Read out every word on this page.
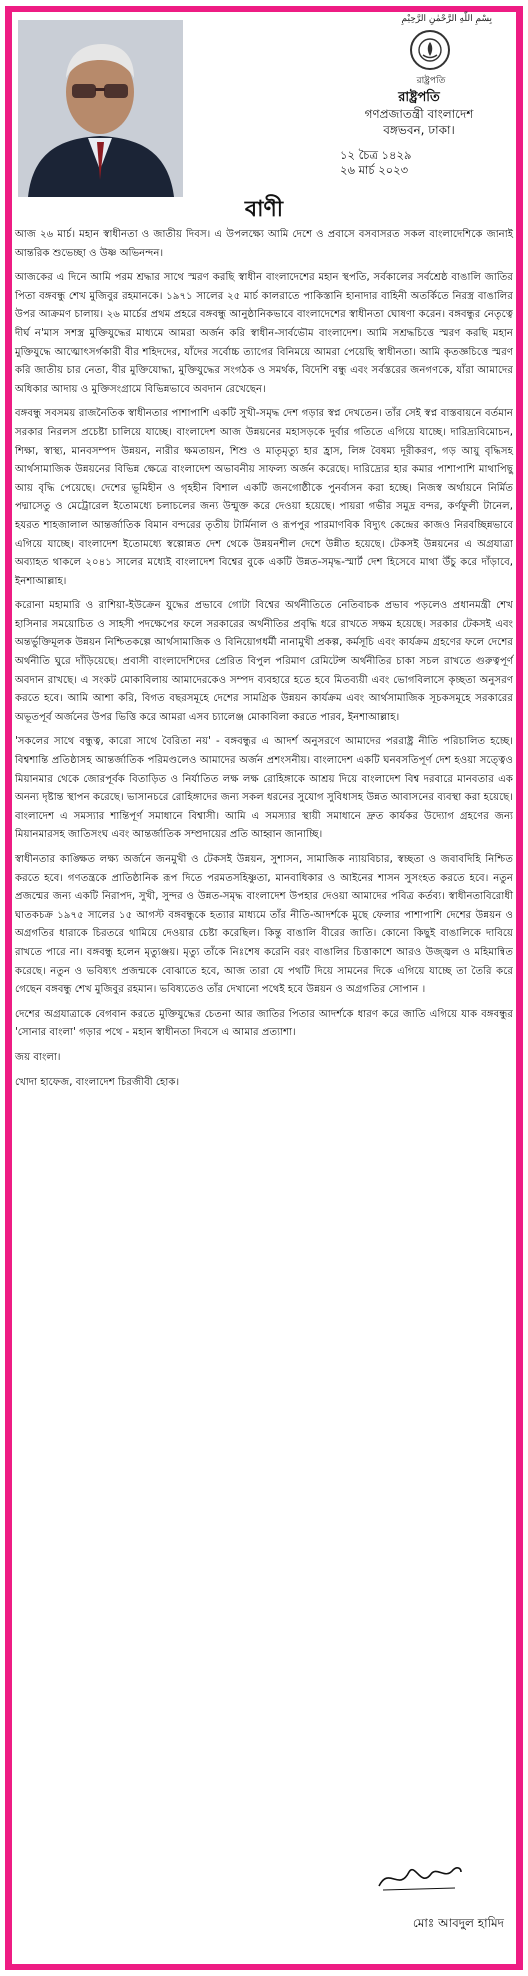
بِسْمِ اللّٰهِ الرَّحْمٰنِ الرَّحِيْمِ
রাষ্ট্রপতি
রাষ্ট্রপতি
গণপ্রজাতন্ত্রী বাংলাদেশ
বঙ্গভবন, ঢাকা।
১২ চৈত্র ১৪২৯
২৬ মার্চ ২০২৩
বাণী

আজ ২৬ মার্চ। মহান স্বাধীনতা ও জাতীয় দিবস। এ উপলক্ষ্যে আমি দেশে ও প্রবাসে বসবাসরত সকল বাংলাদেশিকে জানাই আন্তরিক শুভেচ্ছা ও উষ্ণ অভিনন্দন।

আজকের এ দিনে আমি পরম শ্রদ্ধার সাথে স্মরণ করছি স্বাধীন বাংলাদেশের মহান স্থপতি, সর্বকালের সর্বশ্রেষ্ঠ বাঙালি জাতির পিতা বঙ্গবন্ধু শেখ মুজিবুর রহমানকে। ১৯৭১ সালের ২৫ মার্চ কালরাতে পাকিস্তানি হানাদার বাহিনী অতর্কিতে নিরস্ত্র বাঙালির উপর আক্রমণ চালায়। ২৬ মার্চের প্রথম প্রহরে বঙ্গবন্ধু আনুষ্ঠানিকভাবে বাংলাদেশের স্বাধীনতা ঘোষণা করেন। বঙ্গবন্ধুর নেতৃত্বে দীর্ঘ ন'মাস সশস্ত্র মুক্তিযুদ্ধের মাধ্যমে আমরা অর্জন করি স্বাধীন-সার্বভৌম বাংলাদেশ। আমি সশ্রদ্ধচিত্তে স্মরণ করছি মহান মুক্তিযুদ্ধে আত্মোৎসর্গকারী বীর শহিদদের, যাঁদের সর্বোচ্চ ত্যাগের বিনিময়ে আমরা পেয়েছি স্বাধীনতা। আমি কৃতজ্ঞচিত্তে স্মরণ করি জাতীয় চার নেতা, বীর মুক্তিযোদ্ধা, মুক্তিযুদ্ধের সংগঠক ও সমর্থক, বিদেশি বন্ধু এবং সর্বস্তরের জনগণকে, যাঁরা আমাদের অধিকার আদায় ও মুক্তিসংগ্রামে বিভিন্নভাবে অবদান রেখেছেন।

বঙ্গবন্ধু সবসময় রাজনৈতিক স্বাধীনতার পাশাপাশি একটি সুখী-সমৃদ্ধ দেশ গড়ার স্বপ্ন দেখতেন। তাঁর সেই স্বপ্ন বাস্তবায়নে বর্তমান সরকার নিরলস প্রচেষ্টা চালিয়ে যাচ্ছে। বাংলাদেশ আজ উন্নয়নের মহাসড়কে দুর্বার গতিতে এগিয়ে যাচ্ছে। দারিদ্র্যবিমোচন, শিক্ষা, স্বাস্থ্য, মানবসম্পদ উন্নয়ন, নারীর ক্ষমতায়ন, শিশু ও মাতৃমৃত্যু হার হ্রাস, লিঙ্গ বৈষম্য দূরীকরণ, গড় আয়ু বৃদ্ধিসহ আর্থসামাজিক উন্নয়নের বিভিন্ন ক্ষেত্রে বাংলাদেশ অভাবনীয় সাফল্য অর্জন করেছে। দারিদ্র্যের হার কমার পাশাপাশি মাথাপিছু আয় বৃদ্ধি পেয়েছে। দেশের ভূমিহীন ও গৃহহীন বিশাল একটি জনগোষ্ঠীকে পুনর্বাসন করা হচ্ছে। নিজস্ব অর্থায়নে নির্মিত পদ্মাসেতু ও মেট্রোরেল ইতোমধ্যে চলাচলের জন্য উন্মুক্ত করে দেওয়া হয়েছে। পায়রা গভীর সমুদ্র বন্দর, কর্ণফুলী টানেল, হযরত শাহজালাল আন্তর্জাতিক বিমান বন্দরের তৃতীয় টার্মিনাল ও রূপপুর পারমাণবিক বিদ্যুৎ কেন্দ্রের কাজও নিরবচ্ছিন্নভাবে এগিয়ে যাচ্ছে। বাংলাদেশ ইতোমধ্যে স্বল্পোন্নত দেশ থেকে উন্নয়নশীল দেশে উন্নীত হয়েছে। টেকসই উন্নয়নের এ অগ্রযাত্রা অব্যাহত থাকলে ২০৪১ সালের মধ্যেই বাংলাদেশ বিশ্বের বুকে একটি উন্নত-সমৃদ্ধ-স্মার্ট দেশ হিসেবে মাথা উঁচু করে দাঁড়াবে, ইনশাআল্লাহ।

করোনা মহামারি ও রাশিয়া-ইউক্রেন যুদ্ধের প্রভাবে গোটা বিশ্বের অর্থনীতিতে নেতিবাচক প্রভাব পড়লেও প্রধানমন্ত্রী শেখ হাসিনার সময়োচিত ও সাহসী পদক্ষেপের ফলে সরকারের অর্থনীতির প্রবৃদ্ধি ধরে রাখতে সক্ষম হয়েছে। সরকার টেকসই এবং অন্তর্ভুক্তিমূলক উন্নয়ন নিশ্চিতকল্পে আর্থসামাজিক ও বিনিয়োগধর্মী নানামুখী প্রকল্প, কর্মসূচি এবং কার্যক্রম গ্রহণের ফলে দেশের অর্থনীতি ঘুরে দাঁড়িয়েছে। প্রবাসী বাংলাদেশিদের প্রেরিত বিপুল পরিমাণ রেমিটেন্স অর্থনীতির চাকা সচল রাখতে গুরুত্বপূর্ণ অবদান রাখছে। এ সংকট মোকাবিলায় আমাদেরকেও সম্পদ ব্যবহারে হতে হবে মিতব্যয়ী এবং ভোগবিলাসে কৃচ্ছতা অনুসরণ করতে হবে। আমি আশা করি, বিগত বছরসমূহে দেশের সামগ্রিক উন্নয়ন কার্যক্রম এবং আর্থসামাজিক সূচকসমূহে সরকারের অভূতপূর্ব অর্জনের উপর ভিত্তি করে আমরা এসব চ্যালেঞ্জ মোকাবিলা করতে পারব, ইনশাআল্লাহ।

'সকলের সাথে বন্ধুত্ব, কারো সাথে বৈরিতা নয়' - বঙ্গবন্ধুর এ আদর্শ অনুসরণে আমাদের পররাষ্ট্র নীতি পরিচালিত হচ্ছে। বিশ্বশান্তি প্রতিষ্ঠাসহ আন্তর্জাতিক পরিমণ্ডলেও আমাদের অর্জন প্রশংসনীয়। বাংলাদেশ একটি ঘনবসতিপূর্ণ দেশ হওয়া সত্ত্বেও মিয়ানমার থেকে জোরপূর্বক বিতাড়িত ও নির্যাতিত লক্ষ লক্ষ রোহিঙ্গাকে আশ্রয় দিয়ে বাংলাদেশ বিশ্ব দরবারে মানবতার এক অনন্য দৃষ্টান্ত স্থাপন করেছে। ভাসানচরে রোহিঙ্গাদের জন্য সকল ধরনের সুযোগ সুবিধাসহ উন্নত আবাসনের ব্যবস্থা করা হয়েছে। বাংলাদেশ এ সমস্যার শান্তিপূর্ণ সমাধানে বিশ্বাসী। আমি এ সমস্যার স্থায়ী সমাধানে দ্রুত কার্যকর উদ্যোগ গ্রহণের জন্য মিয়ানমারসহ জাতিসংঘ এবং আন্তর্জাতিক সম্প্রদায়ের প্রতি আহ্বান জানাচ্ছি।

স্বাধীনতার কাঙ্ক্ষিত লক্ষ্য অর্জনে জনমুখী ও টেকসই উন্নয়ন, সুশাসন, সামাজিক ন্যায়বিচার, স্বচ্ছতা ও জবাবদিহি নিশ্চিত করতে হবে। গণতন্ত্রকে প্রাতিষ্ঠানিক রূপ দিতে পরমতসহিষ্ণুতা, মানবাধিকার ও আইনের শাসন সুসংহত করতে হবে। নতুন প্রজন্মের জন্য একটি নিরাপদ, সুখী, সুন্দর ও উন্নত-সমৃদ্ধ বাংলাদেশ উপহার দেওয়া আমাদের পবিত্র কর্তব্য। স্বাধীনতাবিরোধী ঘাতকচক্র ১৯৭৫ সালের ১৫ আগস্ট বঙ্গবন্ধুকে হত্যার মাধ্যমে তাঁর নীতি-আদর্শকে মুছে ফেলার পাশাপাশি দেশের উন্নয়ন ও অগ্রগতির ধারাকে চিরতরে থামিয়ে দেওয়ার চেষ্টা করেছিল। কিন্তু বাঙালি বীরের জাতি। কোনো কিছুই বাঙালিকে দাবিয়ে রাখতে পারে না। বঙ্গবন্ধু হলেন মৃত্যুঞ্জয়। মৃত্যু তাঁকে নিঃশেষ করেনি বরং বাঙালির চিত্তাকাশে আরও উজ্জ্বল ও মহিমান্বিত করেছে। নতুন ও ভবিষ্যৎ প্রজন্মকে বোঝাতে হবে, আজ তারা যে পথটি দিয়ে সামনের দিকে এগিয়ে যাচ্ছে তা তৈরি করে গেছেন বঙ্গবন্ধু শেখ মুজিবুর রহমান। ভবিষ্যতেও তাঁর দেখানো পথেই হবে উন্নয়ন ও অগ্রগতির সোপান ।

দেশের অগ্রযাত্রাকে বেগবান করতে মুক্তিযুদ্ধের চেতনা আর জাতির পিতার আদর্শকে ধারণ করে জাতি এগিয়ে যাক বঙ্গবন্ধুর 'সোনার বাংলা' গড়ার পথে - মহান স্বাধীনতা দিবসে এ আমার প্রত্যাশা।

জয় বাংলা।

খোদা হাফেজ, বাংলাদেশ চিরজীবী হোক।

মোঃ আবদুল হামিদ
